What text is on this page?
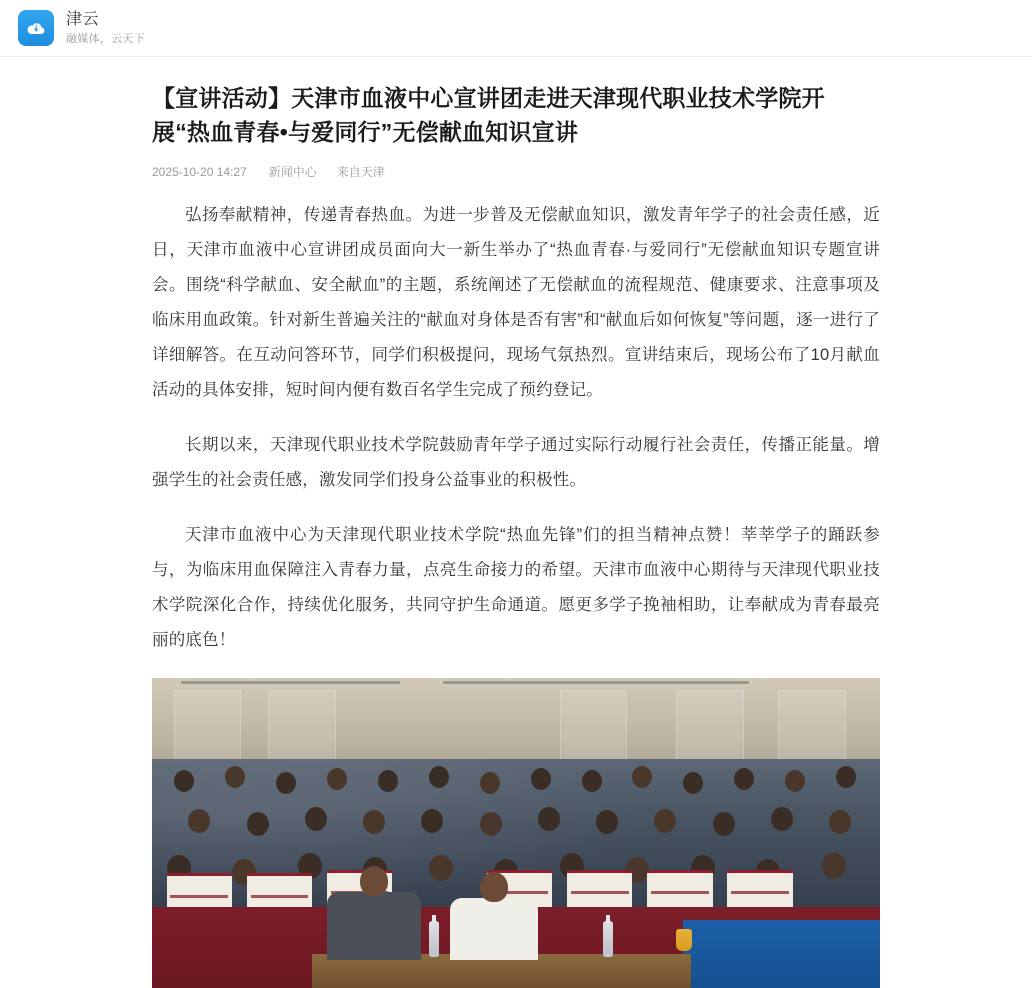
津云
融媒体，云天下
【宣讲活动】天津市血液中心宣讲团走进天津现代职业技术学院开展“热血青春•与爱同行”无偿献血知识宣讲
2025-10-20 14:27 新闻中心 来自天津

弘扬奉献精神，传递青春热血。为进一步普及无偿献血知识，激发青年学子的社会责任感，近日，天津市血液中心宣讲团成员面向大一新生举办了“热血青春·与爱同行”无偿献血知识专题宣讲会。围绕“科学献血、安全献血”的主题，系统阐述了无偿献血的流程规范、健康要求、注意事项及临床用血政策。针对新生普遍关注的“献血对身体是否有害”和“献血后如何恢复”等问题，逐一进行了详细解答。在互动问答环节，同学们积极提问，现场气氛热烈。宣讲结束后，现场公布了10月献血活动的具体安排，短时间内便有数百名学生完成了预约登记。

长期以来，天津现代职业技术学院鼓励青年学子通过实际行动履行社会责任，传播正能量。增强学生的社会责任感，激发同学们投身公益事业的积极性。

天津市血液中心为天津现代职业技术学院“热血先锋”们的担当精神点赞！莘莘学子的踊跃参与，为临床用血保障注入青春力量，点亮生命接力的希望。天津市血液中心期待与天津现代职业技术学院深化合作，持续优化服务，共同守护生命通道。愿更多学子挽袖相助，让奉献成为青春最亮丽的底色！
